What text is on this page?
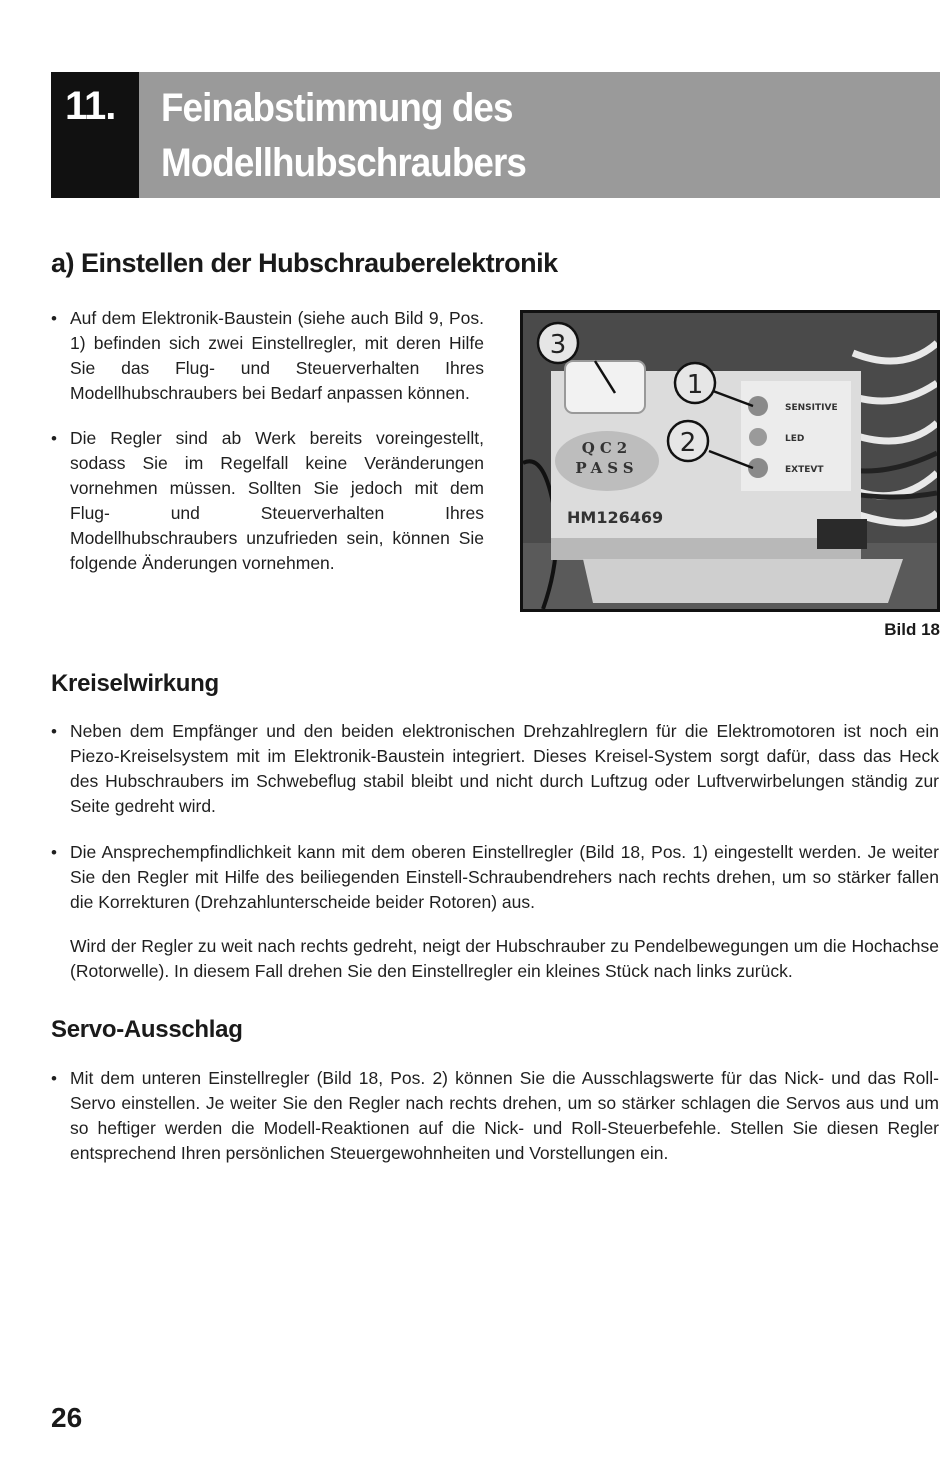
11.	Feinabstimmung des
Modellhubschraubers
a) Einstellen der Hubschrauberelektronik
• Auf dem Elektronik-Baustein (siehe auch Bild 9, Pos. 1) befinden sich zwei Einstellregler, mit deren Hilfe Sie das Flug- und Steuerverhalten Ihres Modellhubschraubers bei Bedarf anpassen können.

• Die Regler sind ab Werk bereits voreingestellt, sodass Sie im Regelfall keine Veränderungen vornehmen müssen. Sollten Sie jedoch mit dem Flug- und Steuerverhalten Ihres Modellhubschraubers unzufrieden sein, können Sie folgende Änderungen vornehmen.

QC2
PASS
HM126469
SENSITIVE
LED
EXTEVT
3
1
2
Bild 18
Kreiselwirkung
• Neben dem Empfänger und den beiden elektronischen Drehzahlreglern für die Elektromotoren ist noch ein Piezo-Kreiselsystem mit im Elektronik-Baustein integriert. Dieses Kreisel-System sorgt dafür, dass das Heck des Hubschraubers im Schwebeflug stabil bleibt und nicht durch Luftzug oder Luftverwirbelungen ständig zur Seite gedreht wird.

• Die Ansprechempfindlichkeit kann mit dem oberen Einstellregler (Bild 18, Pos. 1) eingestellt werden. Je weiter Sie den Regler mit Hilfe des beiliegenden Einstell-Schraubendrehers nach rechts drehen, um so stärker fallen die Korrekturen (Drehzahlunterscheide beider Rotoren) aus.

Wird der Regler zu weit nach rechts gedreht, neigt der Hubschrauber zu Pendelbewegungen um die Hochachse (Rotorwelle). In diesem Fall drehen Sie den Einstellregler ein kleines Stück nach links zurück.

Servo-Ausschlag
• Mit dem unteren Einstellregler (Bild 18, Pos. 2) können Sie die Ausschlagswerte für das Nick- und das Roll-Servo einstellen. Je weiter Sie den Regler nach rechts drehen, um so stärker schlagen die Servos aus und um so heftiger werden die Modell-Reaktionen auf die Nick- und Roll-Steuerbefehle. Stellen Sie diesen Regler entsprechend Ihren persönlichen Steuergewohnheiten und Vorstellungen ein.

26
